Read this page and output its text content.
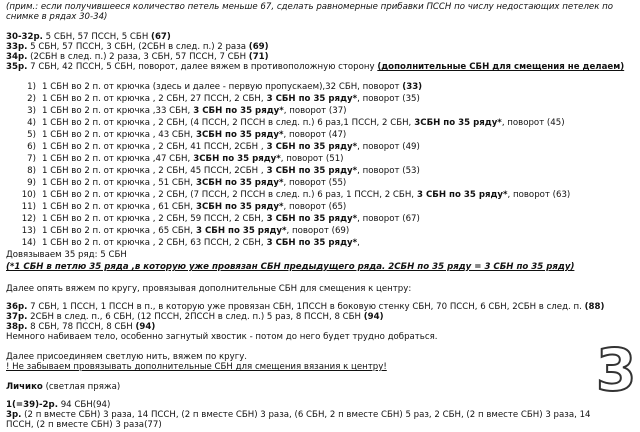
(прим.: если получившееся количество петель меньше 67, сделать равномерные прибавки ПССН по числу недостающих петелек по
снимке в рядах 30-34)
30-32р. 5 СБН, 57 ПССН, 5 СБН (67)
33р. 5 СБН, 57 ПССН, 3 СБН, (2СБН в след. п.) 2 раза (69)
34р. (2СБН в след. п.) 2 раза, 3 СБН, 57 ПССН, 7 СБН (71)
35р. 7 СБН, 42 ПССН, 5 СБН, поворот, далее вяжем в противоположную сторону (дополнительные СБН для смещения не делаем)
1) 1 СБН во 2 п. от крючка (здесь и далее - первую пропускаем),32 СБН, поворот (33)
2) 1 СБН во 2 п. от крючка , 2 СБН, 27 ПССН, 2 СБН, 3 СБН по 35 ряду*, поворот (35)
3) 1 СБН во 2 п. от крючка ,33 СБН, 3 СБН по 35 ряду*, поворот (37)
4) 1 СБН во 2 п. от крючка , 2 СБН, (4 ПССН, 2 ПССН в след. п.) 6 раз,1 ПССН, 2 СБН, 3СБН по 35 ряду*, поворот (45)
5) 1 СБН во 2 п. от крючка , 43 СБН, 3СБН по 35 ряду*, поворот (47)
6) 1 СБН во 2 п. от крючка , 2 СБН, 41 ПССН, 2СБН , 3 СБН по 35 ряду*, поворот (49)
7) 1 СБН во 2 п. от крючка ,47 СБН, 3СБН по 35 ряду*, поворот (51)
8) 1 СБН во 2 п. от крючка , 2 СБН, 45 ПССН, 2СБН , 3 СБН по 35 ряду*, поворот (53)
9) 1 СБН во 2 п. от крючка , 51 СБН, 3СБН по 35 ряду*, поворот (55)
10) 1 СБН во 2 п. от крючка , 2 СБН, (7 ПССН, 2 ПССН в след. п.) 6 раз, 1 ПССН, 2 СБН, 3 СБН по 35 ряду*, поворот (63)
11) 1 СБН во 2 п. от крючка , 61 СБН, 3СБН по 35 ряду*, поворот (65)
12) 1 СБН во 2 п. от крючка , 2 СБН, 59 ПССН, 2 СБН, 3 СБН по 35 ряду*, поворот (67)
13) 1 СБН во 2 п. от крючка , 65 СБН, 3 СБН по 35 ряду*, поворот (69)
14) 1 СБН во 2 п. от крючка , 2 СБН, 63 ПССН, 2 СБН, 3 СБН по 35 ряду*,
Довязываем 35 ряд: 5 СБН
(*1 СБН в петлю 35 ряда ,в которую уже провязан СБН предыдущего ряда. 2СБН по 35 ряду = 3 СБН по 35 ряду)
Далее опять вяжем по кругу, провязывая дополнительные СБН для смещения к центру:
36р. 7 СБН, 1 ПССН, 1 ПССН в п., в которую уже провязан СБН, 1ПССН в боковую стенку СБН, 70 ПССН, 6 СБН, 2СБН в след. п. (88)
37р. 2СБН в след. п., 6 СБН, (12 ПССН, 2ПССН в след. п.) 5 раз, 8 ПССН, 8 СБН (94)
38р. 8 СБН, 78 ПССН, 8 СБН (94)
Немного набиваем тело, особенно загнутый хвостик - потом до него будет трудно добраться.
Далее присоединяем светлую нить, вяжем по кругу.
! Не забываем провязывать дополнительные СБН для смещения вязания к центру!
Личико (светлая пряжа)
1(=39)-2р. 94 СБН(94)
3р. (2 п вместе СБН) 3 раза, 14 ПССН, (2 п вместе СБН) 3 раза, (6 СБН, 2 п вместе СБН) 5 раз, 2 СБН, (2 п вместе СБН) 3 раза, 14
ПССН, (2 п вместе СБН) 3 раза(77)
3
